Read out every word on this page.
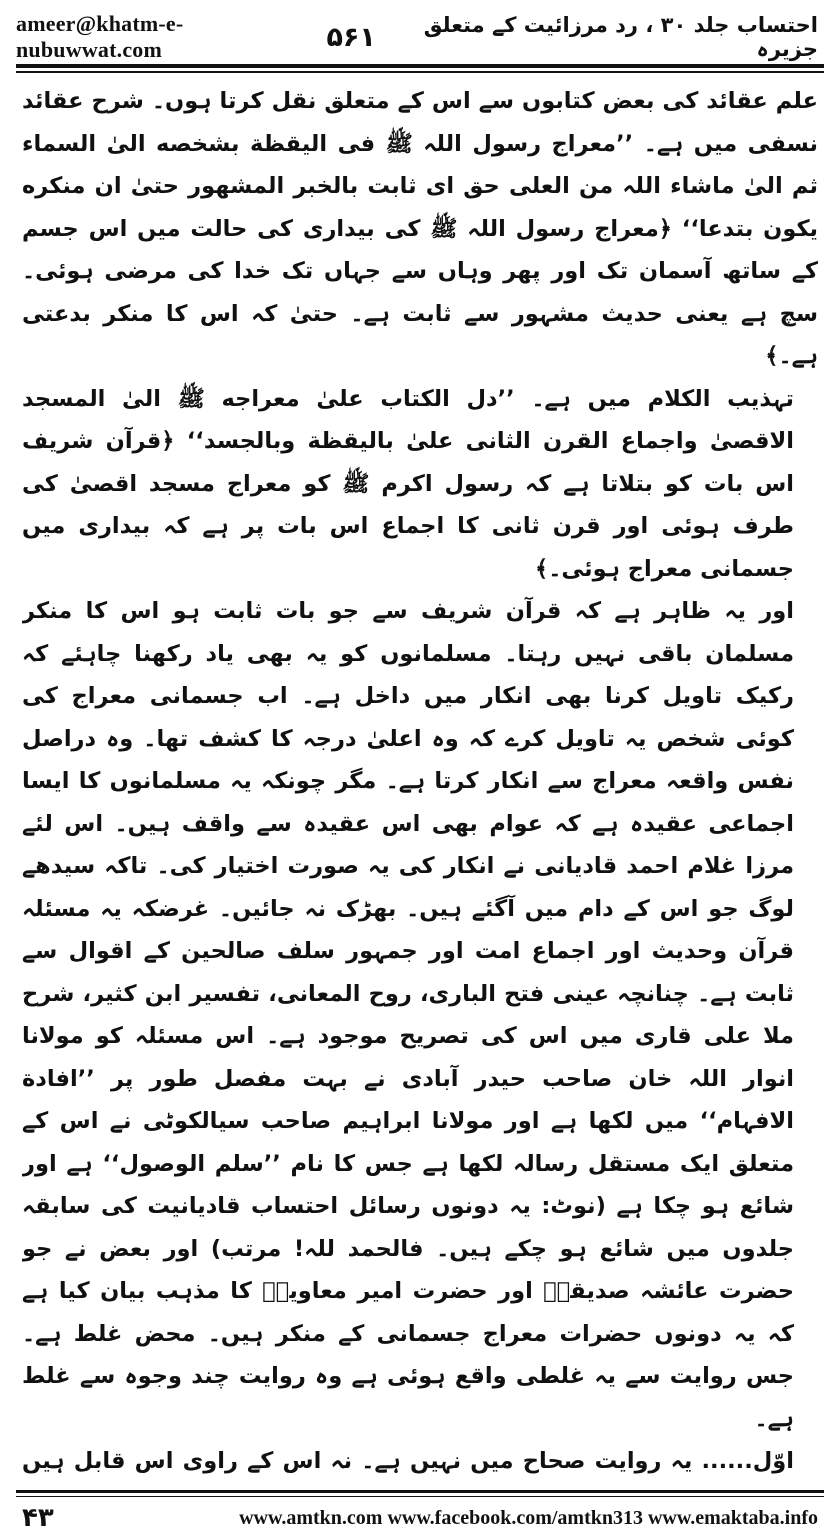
ameer@khatm-e-nubuwwat.com	۵۶۱	احتساب جلد ۳۰ ، رد مرزائیت کے متعلق جزیرہ

علم عقائد کی بعض کتابوں سے اس کے متعلق نقل کرتا ہوں۔ شرح عقائد نسفی میں ہے۔ ’’معراج رسول اللہ ﷺ فی الیقظة بشخصه الیٰ السماء ثم الیٰ ماشاء اللہ من العلی حق ای ثابت بالخبر المشهور حتیٰ ان منکره یکون بتدعا‘‘ ﴿معراج رسول اللہ ﷺ کی بیداری کی حالت میں اس جسم کے ساتھ آسمان تک اور پھر وہاں سے جہاں تک خدا کی مرضی ہوئی۔ سچ ہے یعنی حدیث مشہور سے ثابت ہے۔ حتیٰ کہ اس کا منکر بدعتی ہے۔﴾

تہذیب الکلام میں ہے۔ ’’دل الکتاب علیٰ معراجه ﷺ الیٰ المسجد الاقصیٰ واجماع القرن الثانی علیٰ بالیقظة وبالجسد‘‘ ﴿قرآن شریف اس بات کو بتلاتا ہے کہ رسول اکرم ﷺ کو معراج مسجد اقصیٰ کی طرف ہوئی اور قرن ثانی کا اجماع اس بات پر ہے کہ بیداری میں جسمانی معراج ہوئی۔﴾

اور یہ ظاہر ہے کہ قرآن شریف سے جو بات ثابت ہو اس کا منکر مسلمان باقی نہیں رہتا۔ مسلمانوں کو یہ بھی یاد رکھنا چاہئے کہ رکیک تاویل کرنا بھی انکار میں داخل ہے۔ اب جسمانی معراج کی کوئی شخص یہ تاویل کرے کہ وہ اعلیٰ درجہ کا کشف تھا۔ وہ دراصل نفس واقعہ معراج سے انکار کرتا ہے۔ مگر چونکہ یہ مسلمانوں کا ایسا اجماعی عقیدہ ہے کہ عوام بھی اس عقیدہ سے واقف ہیں۔ اس لئے مرزا غلام احمد قادیانی نے انکار کی یہ صورت اختیار کی۔ تاکہ سیدھے لوگ جو اس کے دام میں آگئے ہیں۔ بھڑک نہ جائیں۔ غرضکہ یہ مسئلہ قرآن وحدیث اور اجماع امت اور جمہور سلف صالحین کے اقوال سے ثابت ہے۔ چنانچہ عینی فتح الباری، روح المعانی، تفسیر ابن کثیر، شرح ملا علی قاری میں اس کی تصریح موجود ہے۔ اس مسئلہ کو مولانا انوار اللہ خان صاحب حیدر آبادی نے بہت مفصل طور پر ’’افادة الافہام‘‘ میں لکھا ہے اور مولانا ابراہیم صاحب سیالکوٹی نے اس کے متعلق ایک مستقل رسالہ لکھا ہے جس کا نام ’’سلم الوصول‘‘ ہے اور شائع ہو چکا ہے (نوٹ: یہ دونوں رسائل احتساب قادیانیت کی سابقہ جلدوں میں شائع ہو چکے ہیں۔ فالحمد للہ! مرتب) اور بعض نے جو حضرت عائشہ صدیقہؓ اور حضرت امیر معاویہؓ کا مذہب بیان کیا ہے کہ یہ دونوں حضرات معراج جسمانی کے منکر ہیں۔ محض غلط ہے۔ جس روایت سے یہ غلطی واقع ہوئی ہے وہ روایت چند وجوہ سے غلط ہے۔

اوّل...... یہ روایت صحاح میں نہیں ہے۔ نہ اس کے راوی اس قابل ہیں

۴۳	www.amtkn.com www.facebook.com/amtkn313 www.emaktaba.info
